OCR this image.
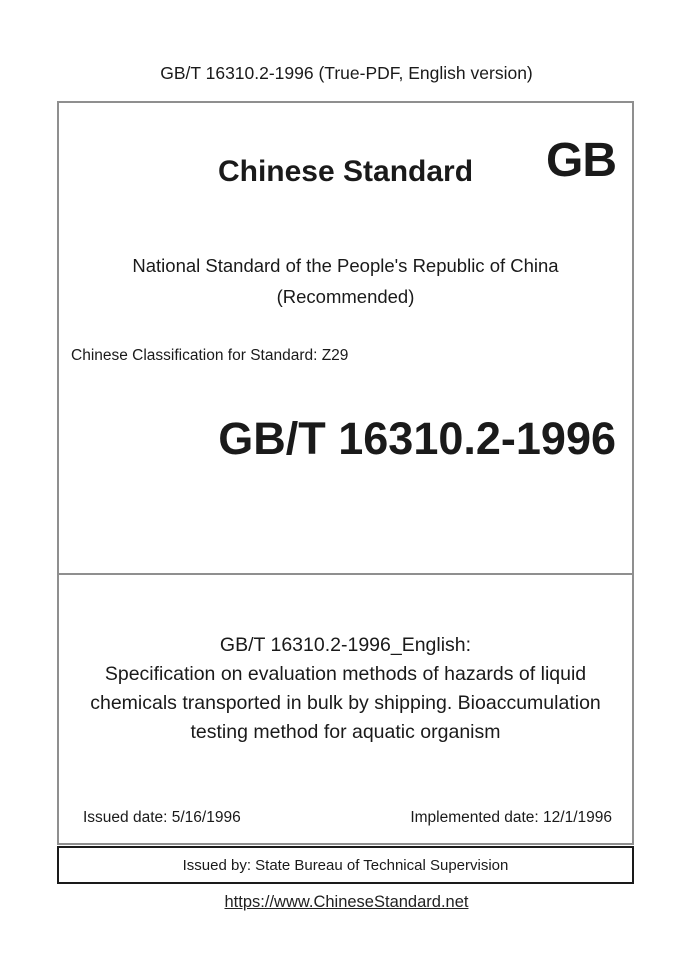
GB/T 16310.2-1996 (True-PDF, English version)
Chinese Standard	GB
National Standard of the People's Republic of China
(Recommended)
Chinese Classification for Standard: Z29
GB/T 16310.2-1996
GB/T 16310.2-1996_English:
Specification on evaluation methods of hazards of liquid
chemicals transported in bulk by shipping. Bioaccumulation
testing method for aquatic organism
Issued date: 5/16/1996	Implemented date: 12/1/1996
Issued by: State Bureau of Technical Supervision
https://www.ChineseStandard.net
